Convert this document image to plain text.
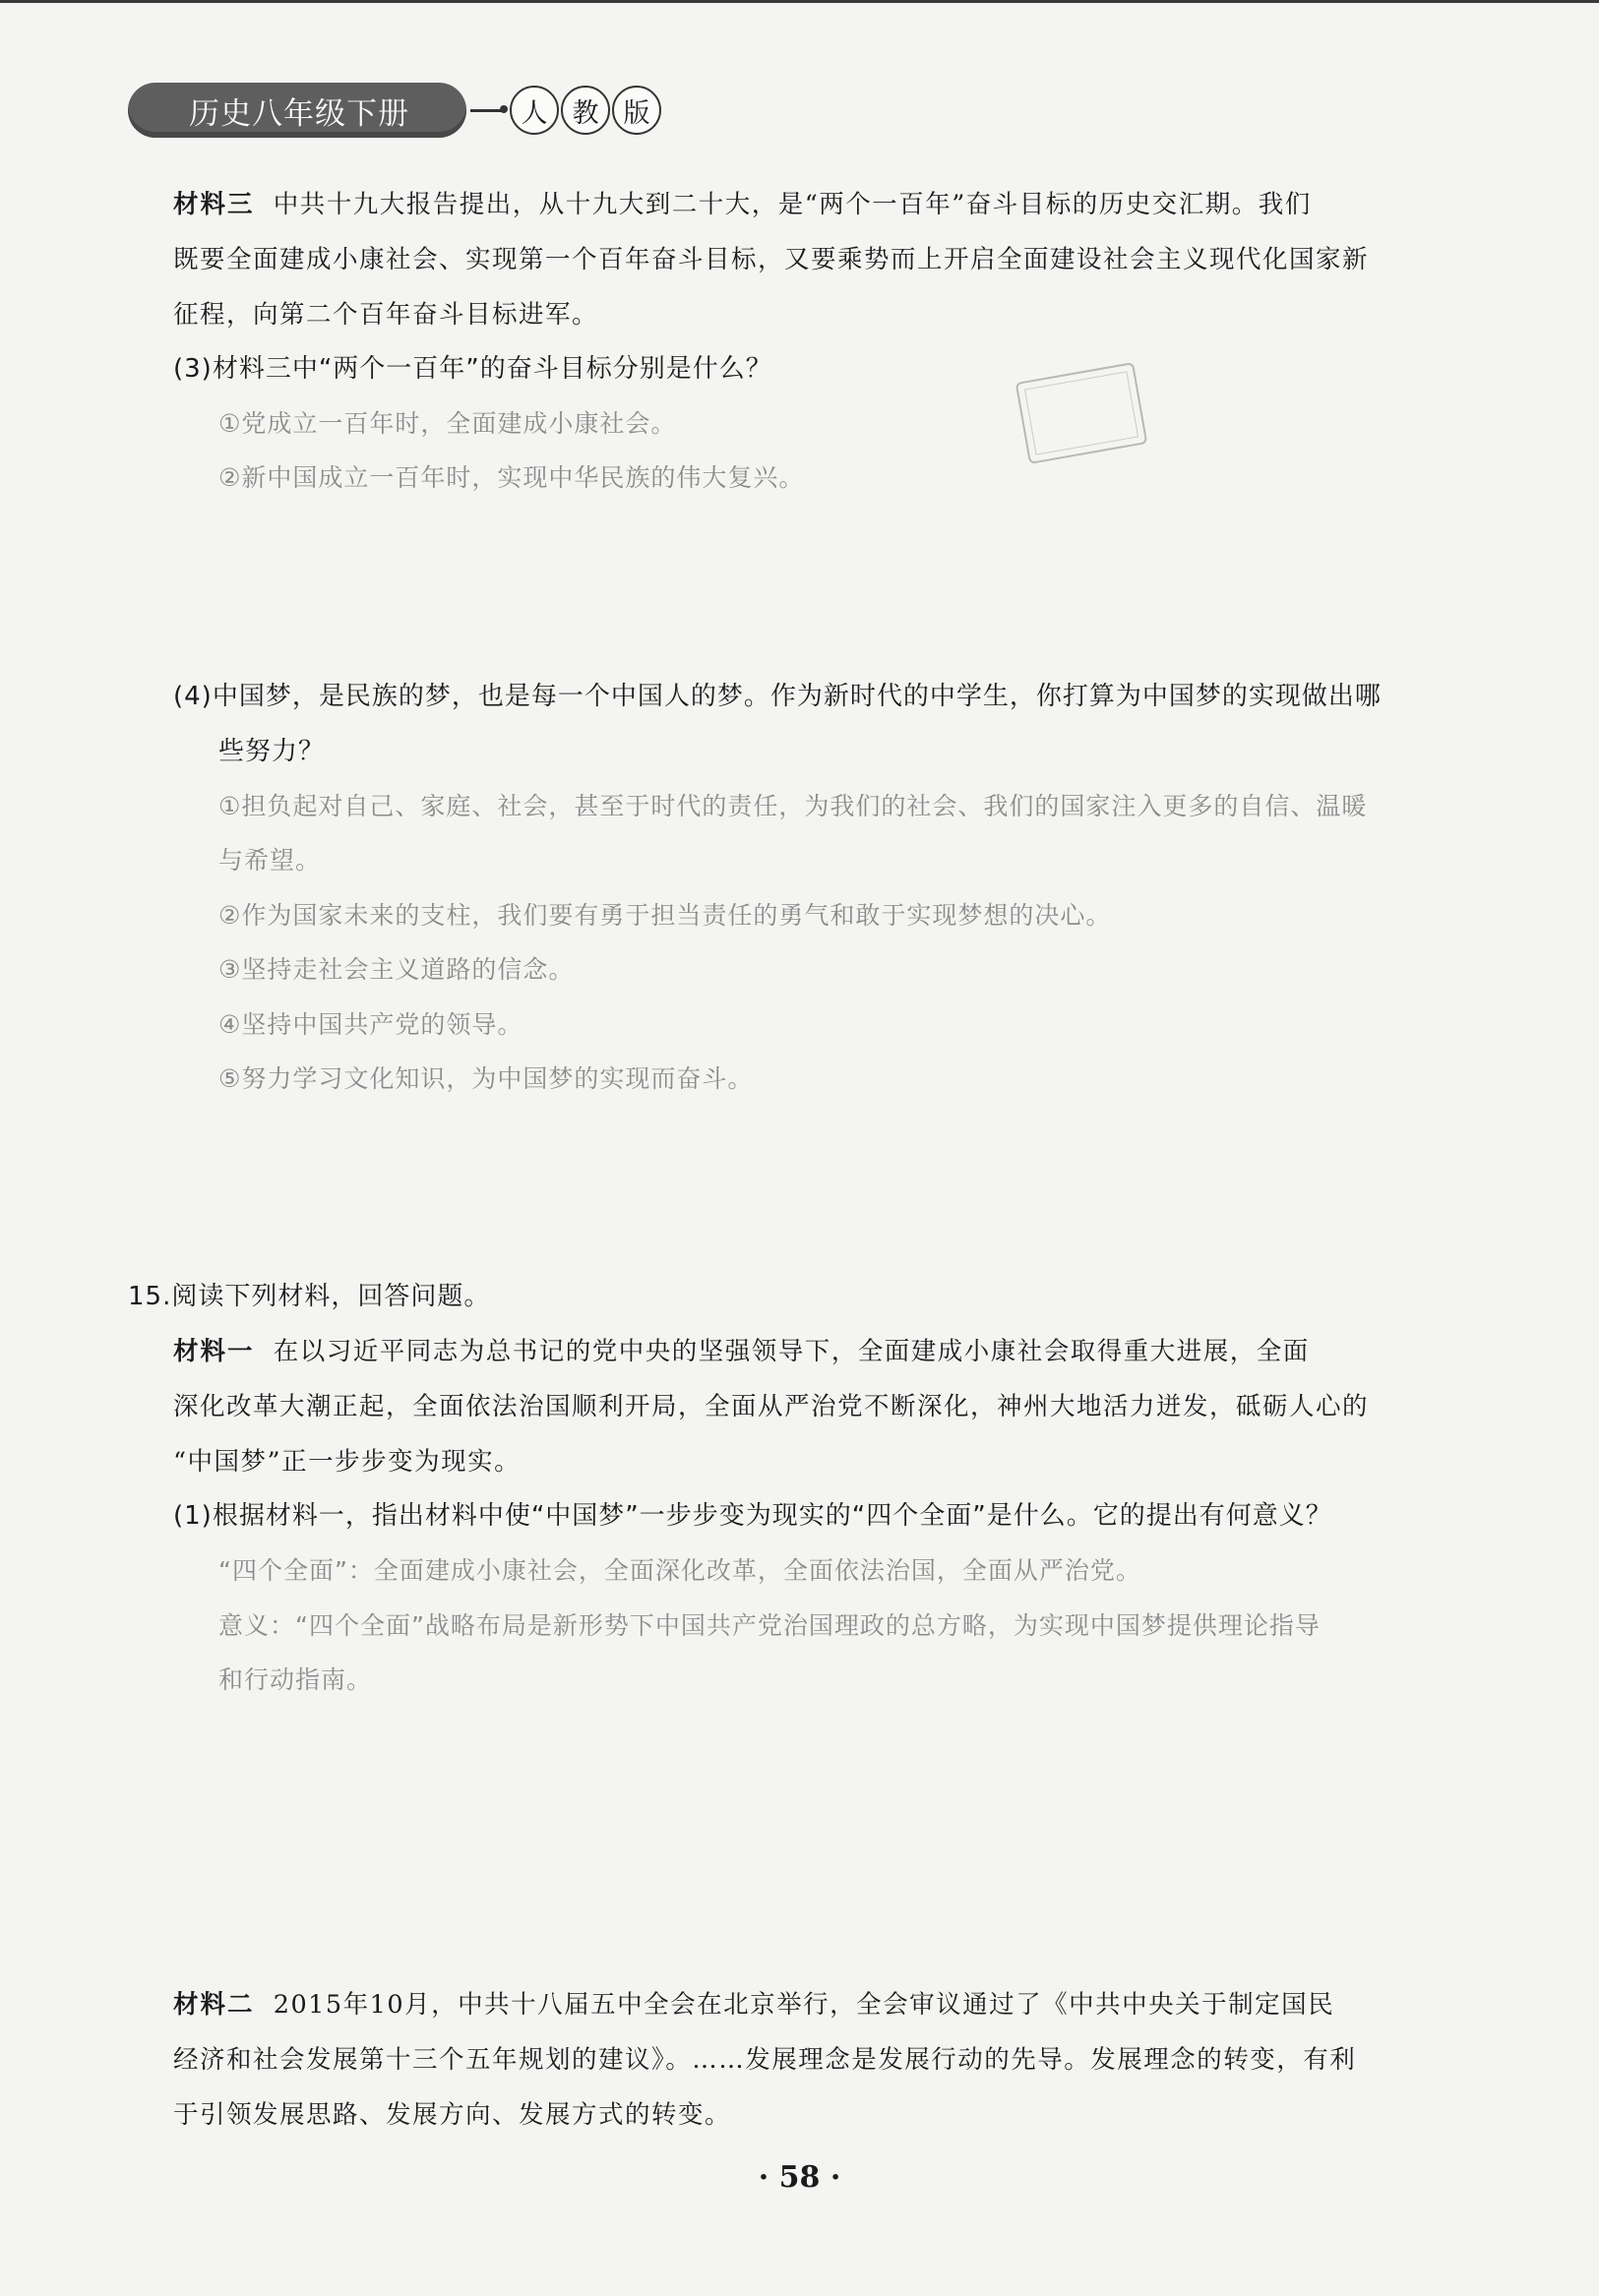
历史八年级下册	人 教 版
材料三 中共十九大报告提出，从十九大到二十大，是“两个一百年”奋斗目标的历史交汇期。我们
既要全面建成小康社会、实现第一个百年奋斗目标，又要乘势而上开启全面建设社会主义现代化国家新
征程，向第二个百年奋斗目标进军。
(3)材料三中“两个一百年”的奋斗目标分别是什么？
①党成立一百年时，全面建成小康社会。
②新中国成立一百年时，实现中华民族的伟大复兴。
(4)中国梦，是民族的梦，也是每一个中国人的梦。作为新时代的中学生，你打算为中国梦的实现做出哪
些努力？
①担负起对自己、家庭、社会，甚至于时代的责任，为我们的社会、我们的国家注入更多的自信、温暖
与希望。
②作为国家未来的支柱，我们要有勇于担当责任的勇气和敢于实现梦想的决心。
③坚持走社会主义道路的信念。
④坚持中国共产党的领导。
⑤努力学习文化知识，为中国梦的实现而奋斗。
15.阅读下列材料，回答问题。
材料一 在以习近平同志为总书记的党中央的坚强领导下，全面建成小康社会取得重大进展，全面
深化改革大潮正起，全面依法治国顺利开局，全面从严治党不断深化，神州大地活力迸发，砥砺人心的
“中国梦”正一步步变为现实。
(1)根据材料一，指出材料中使“中国梦”一步步变为现实的“四个全面”是什么。它的提出有何意义？
“四个全面”：全面建成小康社会，全面深化改革，全面依法治国，全面从严治党。
意义：“四个全面”战略布局是新形势下中国共产党治国理政的总方略，为实现中国梦提供理论指导
和行动指南。
材料二 2015年10月，中共十八届五中全会在北京举行，全会审议通过了《中共中央关于制定国民
经济和社会发展第十三个五年规划的建议》。……发展理念是发展行动的先导。发展理念的转变，有利
于引领发展思路、发展方向、发展方式的转变。
· 58 ·
